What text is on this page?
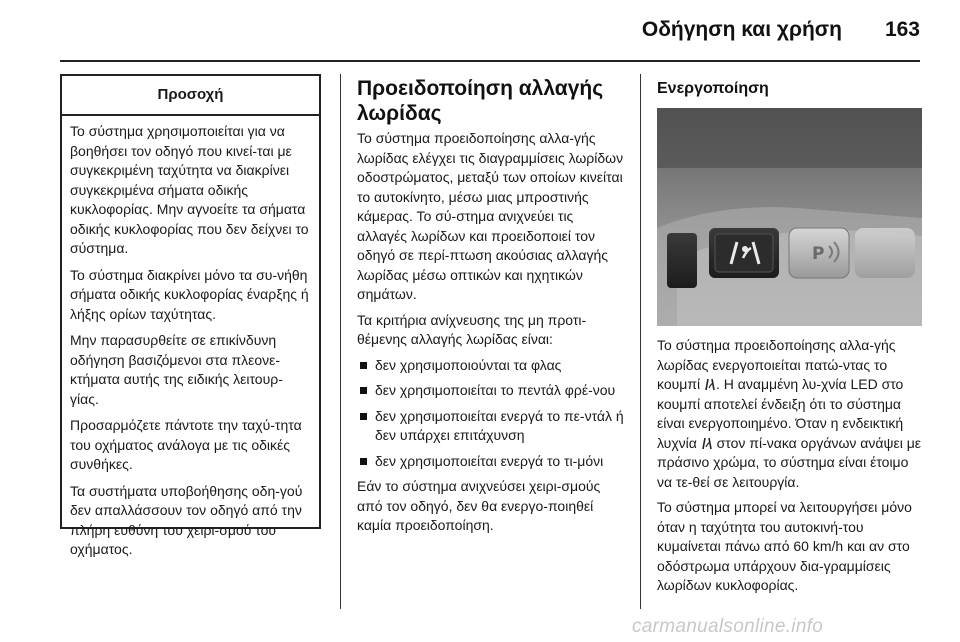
Οδήγηση και χρήση 163
Προσοχή

Το σύστημα χρησιμοποιείται για να βοηθήσει τον οδηγό που κινεί-ται με συγκεκριμένη ταχύτητα να διακρίνει συγκεκριμένα σήματα οδικής κυκλοφορίας. Μην αγνοείτε τα σήματα οδικής κυκλοφορίας που δεν δείχνει το σύστημα.

Το σύστημα διακρίνει μόνο τα συ-νήθη σήματα οδικής κυκλοφορίας έναρξης ή λήξης ορίων ταχύτητας.

Μην παρασυρθείτε σε επικίνδυνη οδήγηση βασιζόμενοι στα πλεονε-κτήματα αυτής της ειδικής λειτουρ-γίας.

Προσαρμόζετε πάντοτε την ταχύ-τητα του οχήματος ανάλογα με τις οδικές συνθήκες.

Τα συστήματα υποβοήθησης οδη-γού δεν απαλλάσσουν τον οδηγό από την πλήρη ευθύνη του χειρι-σμού του οχήματος.

Προειδοποίηση αλλαγής λωρίδας

Το σύστημα προειδοποίησης αλλα-γής λωρίδας ελέγχει τις διαγραμμίσεις λωρίδων οδοστρώματος, μεταξύ των οποίων κινείται το αυτοκίνητο, μέσω μιας μπροστινής κάμερας. Το σύ-στημα ανιχνεύει τις αλλαγές λωρίδων και προειδοποιεί τον οδηγό σε περί-πτωση ακούσιας αλλαγής λωρίδας μέσω οπτικών και ηχητικών σημάτων.

Τα κριτήρια ανίχνευσης της μη προτι-θέμενης αλλαγής λωρίδας είναι:

δεν χρησιμοποιούνται τα φλας
δεν χρησιμοποιείται το πεντάλ φρέ-νου
δεν χρησιμοποιείται ενεργά το πε-ντάλ ή δεν υπάρχει επιτάχυνση
δεν χρησιμοποιείται ενεργά το τι-μόνι

Εάν το σύστημα ανιχνεύσει χειρι-σμούς από τον οδηγό, δεν θα ενεργο-ποιηθεί καμία προειδοποίηση.

Ενεργοποίηση
P

Το σύστημα προειδοποίησης αλλα-γής λωρίδας ενεργοποιείται πατώ-ντας το κουμπί . Η αναμμένη λυ-χνία LED στο κουμπί αποτελεί ένδειξη ότι το σύστημα είναι ενεργοποιημένο. Όταν η ενδεικτική λυχνία  στον πί-νακα οργάνων ανάψει με πράσινο χρώμα, το σύστημα είναι έτοιμο να τε-θεί σε λειτουργία.

Το σύστημα μπορεί να λειτουργήσει μόνο όταν η ταχύτητα του αυτοκινή-του κυμαίνεται πάνω από 60 km/h και αν στο οδόστρωμα υπάρχουν δια-γραμμίσεις λωρίδων κυκλοφορίας.

carmanualsonline.info
